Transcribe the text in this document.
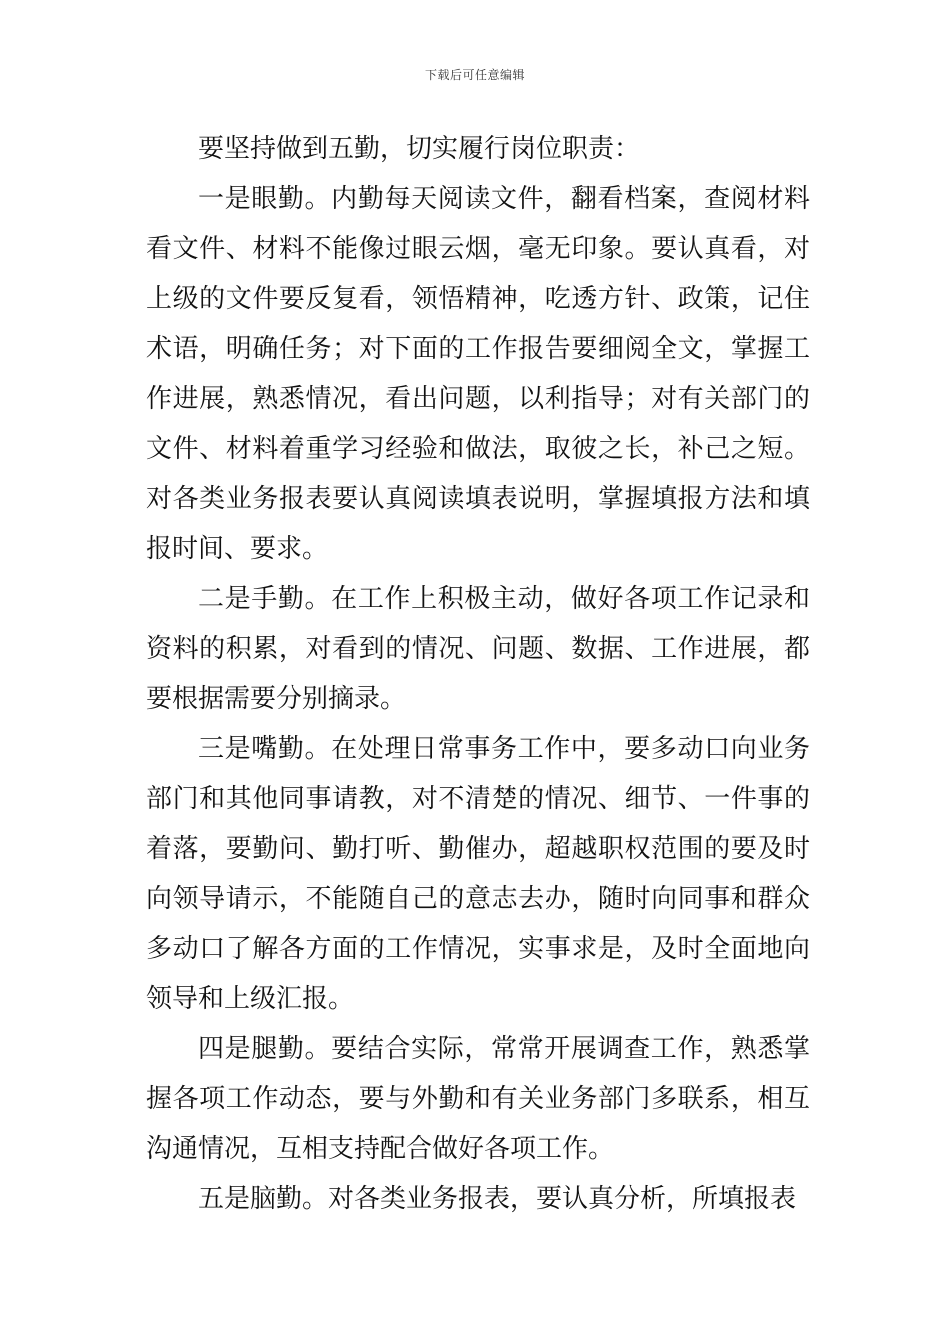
下载后可任意编辑

要坚持做到五勤，切实履行岗位职责：

一是眼勤。内勤每天阅读文件，翻看档案，查阅材料看文件、材料不能像过眼云烟，毫无印象。要认真看，对上级的文件要反复看，领悟精神，吃透方针、政策，记住术语，明确任务；对下面的工作报告要细阅全文，掌握工作进展，熟悉情况，看出问题，以利指导；对有关部门的文件、材料着重学习经验和做法，取彼之长，补己之短。对各类业务报表要认真阅读填表说明，掌握填报方法和填报时间、要求。

二是手勤。在工作上积极主动，做好各项工作记录和资料的积累，对看到的情况、问题、数据、工作进展，都要根据需要分别摘录。

三是嘴勤。在处理日常事务工作中，要多动口向业务部门和其他同事请教，对不清楚的情况、细节、一件事的着落，要勤问、勤打听、勤催办，超越职权范围的要及时向领导请示，不能随自己的意志去办，随时向同事和群众多动口了解各方面的工作情况，实事求是，及时全面地向领导和上级汇报。

四是腿勤。要结合实际，常常开展调查工作，熟悉掌握各项工作动态，要与外勤和有关业务部门多联系，相互沟通情况，互相支持配合做好各项工作。

五是脑勤。对各类业务报表，要认真分析，所填报表
